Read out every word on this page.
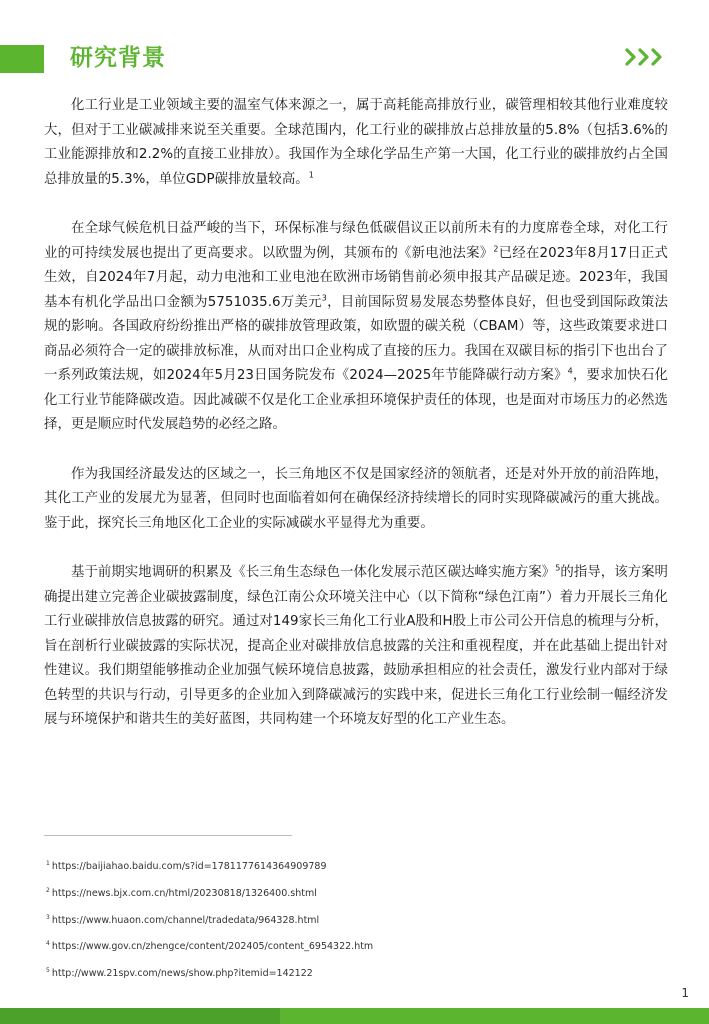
研究背景

化工行业是工业领域主要的温室气体来源之一，属于高耗能高排放行业，碳管理相较其他行业难度较大，但对于工业碳减排来说至关重要。全球范围内，化工行业的碳排放占总排放量的5.8%（包括3.6%的工业能源排放和2.2%的直接工业排放）。我国作为全球化学品生产第一大国，化工行业的碳排放约占全国总排放量的5.3%，单位GDP碳排放量较高。$^1$

在全球气候危机日益严峻的当下，环保标准与绿色低碳倡议正以前所未有的力度席卷全球，对化工行业的可持续发展也提出了更高要求。以欧盟为例，其颁布的《新电池法案》$^2$已经在2023年8月17日正式生效，自2024年7月起，动力电池和工业电池在欧洲市场销售前必须申报其产品碳足迹。2023年，我国基本有机化学品出口金额为5751035.6万美元$^3$，目前国际贸易发展态势整体良好，但也受到国际政策法规的影响。各国政府纷纷推出严格的碳排放管理政策，如欧盟的碳关税（CBAM）等，这些政策要求进口商品必须符合一定的碳排放标准，从而对出口企业构成了直接的压力。我国在双碳目标的指引下也出台了一系列政策法规，如2024年5月23日国务院发布《2024—2025年节能降碳行动方案》$^4$，要求加快石化化工行业节能降碳改造。因此减碳不仅是化工企业承担环境保护责任的体现，也是面对市场压力的必然选择，更是顺应时代发展趋势的必经之路。

作为我国经济最发达的区域之一，长三角地区不仅是国家经济的领航者，还是对外开放的前沿阵地，其化工产业的发展尤为显著，但同时也面临着如何在确保经济持续增长的同时实现降碳减污的重大挑战。鉴于此，探究长三角地区化工企业的实际减碳水平显得尤为重要。

基于前期实地调研的积累及《长三角生态绿色一体化发展示范区碳达峰实施方案》$^5$的指导，该方案明确提出建立完善企业碳披露制度，绿色江南公众环境关注中心（以下简称“绿色江南”）着力开展长三角化工行业碳排放信息披露的研究。通过对149家长三角化工行业A股和H股上市公司公开信息的梳理与分析，旨在剖析行业碳披露的实际状况，提高企业对碳排放信息披露的关注和重视程度，并在此基础上提出针对性建议。我们期望能够推动企业加强气候环境信息披露，鼓励承担相应的社会责任，激发行业内部对于绿色转型的共识与行动，引导更多的企业加入到降碳减污的实践中来，促进长三角化工行业绘制一幅经济发展与环境保护和谐共生的美好蓝图，共同构建一个环境友好型的化工产业生态。

$^1$ https://baijiahao.baidu.com/s?id=1781177614364909789
$^2$ https://news.bjx.com.cn/html/20230818/1326400.shtml
$^3$ https://www.huaon.com/channel/tradedata/964328.html
$^4$ https://www.gov.cn/zhengce/content/202405/content_6954322.htm
$^5$ http://www.21spv.com/news/show.php?itemid=142122
1
